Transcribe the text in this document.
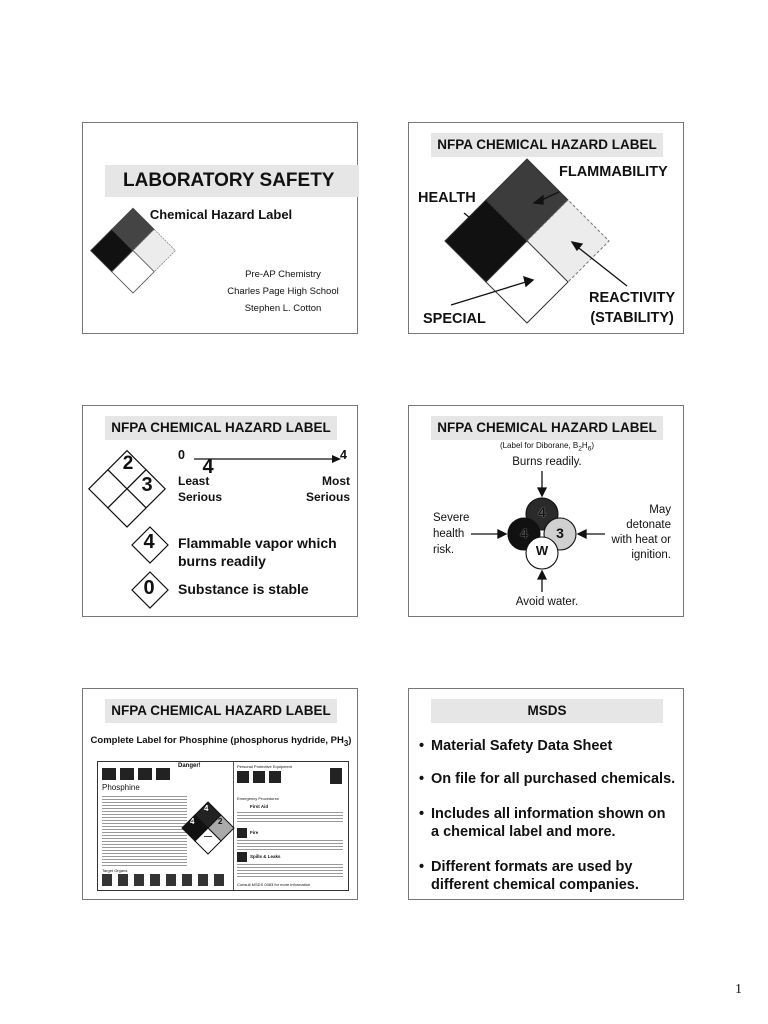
LABORATORY SAFETY
Chemical Hazard Label
Pre-AP Chemistry
Charles Page High School
Stephen L. Cotton
NFPA CHEMICAL HAZARD LABEL
FLAMMABILITY
HEALTH
REACTIVITY
(STABILITY)
SPECIAL
NFPA CHEMICAL HAZARD LABEL
2	4
3
0	4
Least
Serious
Most
Serious
4	Flammable vapor which
burns readily
0	Substance is stable
NFPA CHEMICAL HAZARD LABEL
(Label for Diborane, $B_2H_6$)
Burns readily.
4
4 3
W
Severe
health
risk.
May
detonate
with heat or
ignition.
Avoid water.
NFPA CHEMICAL HAZARD LABEL
Complete Label for Phosphine (phosphorus hydride, $PH_3$)
Danger!
Phosphine
4
4	2
—
Target Organs
Personal Protective Equipment
Emergency Procedures
First Aid
Fire
Spills & Leaks
Consult MSDS 0083 for more information
MSDS
• Material Safety Data Sheet
• On file for all purchased chemicals.
• Includes all information shown on
a chemical label and more.
• Different formats are used by
different chemical companies.
1
